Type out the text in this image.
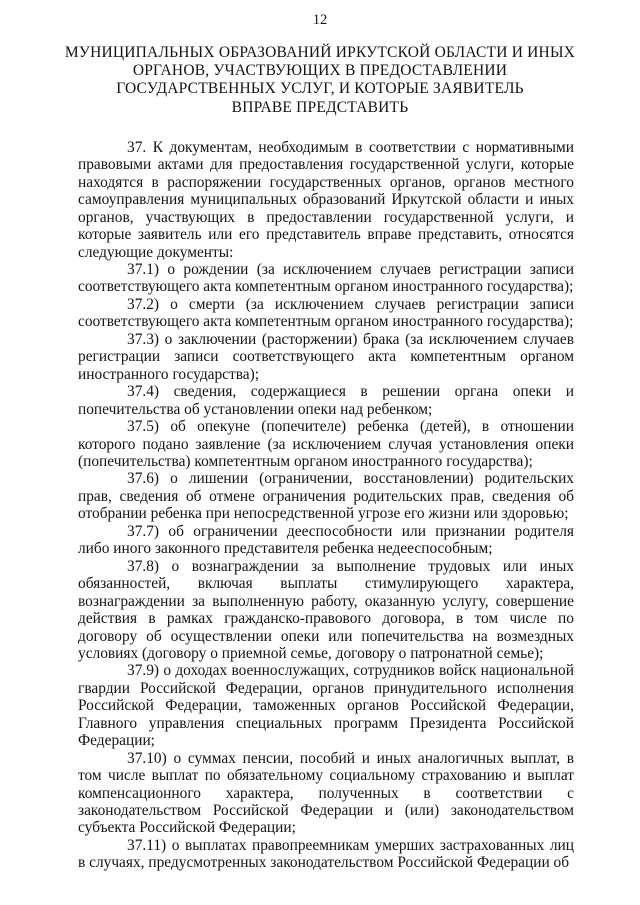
12
МУНИЦИПАЛЬНЫХ ОБРАЗОВАНИЙ ИРКУТСКОЙ ОБЛАСТИ И ИНЫХ
ОРГАНОВ, УЧАСТВУЮЩИХ В ПРЕДОСТАВЛЕНИИ
ГОСУДАРСТВЕННЫХ УСЛУГ, И КОТОРЫЕ ЗАЯВИТЕЛЬ
ВПРАВЕ ПРЕДСТАВИТЬ

37. К документам, необходимым в соответствии с нормативными правовыми актами для предоставления государственной услуги, которые находятся в распоряжении государственных органов, органов местного самоуправления муниципальных образований Иркутской области и иных органов, участвующих в предоставлении государственной услуги, и которые заявитель или его представитель вправе представить, относятся следующие документы:

37.1) о рождении (за исключением случаев регистрации записи соответствующего акта компетентным органом иностранного государства);

37.2) о смерти (за исключением случаев регистрации записи соответствующего акта компетентным органом иностранного государства);

37.3) о заключении (расторжении) брака (за исключением случаев регистрации записи соответствующего акта компетентным органом иностранного государства);

37.4) сведения, содержащиеся в решении органа опеки и попечительства об установлении опеки над ребенком;

37.5) об опекуне (попечителе) ребенка (детей), в отношении которого подано заявление (за исключением случая установления опеки (попечительства) компетентным органом иностранного государства);

37.6) о лишении (ограничении, восстановлении) родительских прав, сведения об отмене ограничения родительских прав, сведения об отобрании ребенка при непосредственной угрозе его жизни или здоровью;

37.7) об ограничении дееспособности или признании родителя либо иного законного представителя ребенка недееспособным;

37.8) о вознаграждении за выполнение трудовых или иных обязанностей, включая выплаты стимулирующего характера, вознаграждении за выполненную работу, оказанную услугу, совершение действия в рамках гражданско-правового договора, в том числе по договору об осуществлении опеки или попечительства на возмездных условиях (договору о приемной семье, договору о патронатной семье);

37.9) о доходах военнослужащих, сотрудников войск национальной гвардии Российской Федерации, органов принудительного исполнения Российской Федерации, таможенных органов Российской Федерации, Главного управления специальных программ Президента Российской Федерации;

37.10) о суммах пенсии, пособий и иных аналогичных выплат, в том числе выплат по обязательному социальному страхованию и выплат компенсационного характера, полученных в соответствии с законодательством Российской Федерации и (или) законодательством субъекта Российской Федерации;

37.11) о выплатах правопреемникам умерших застрахованных лиц в случаях, предусмотренных законодательством Российской Федерации об
